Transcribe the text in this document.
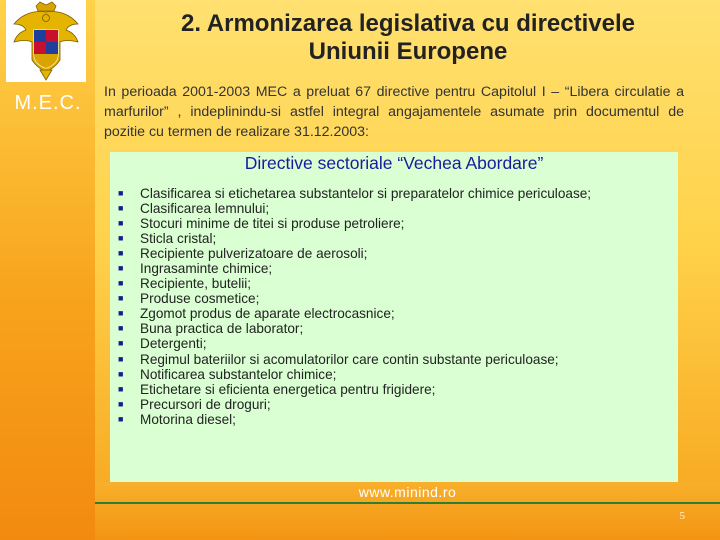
M.E.C.
2. Armonizarea legislativa cu directivele
Uniunii Europene
In perioada 2001-2003 MEC a preluat 67 directive pentru Capitolul I – “Libera circulatie a marfurilor” , indeplinindu-si astfel integral angajamentele asumate prin documentul de pozitie cu termen de realizare 31.12.2003:
Directive sectoriale “Vechea Abordare”
■ Clasificarea si etichetarea substantelor si preparatelor chimice periculoase;
■ Clasificarea lemnului;
■ Stocuri minime de titei si produse petroliere;
■ Sticla cristal;
■ Recipiente pulverizatoare de aerosoli;
■ Ingrasaminte chimice;
■ Recipiente, butelii;
■ Produse cosmetice;
■ Zgomot produs de aparate electrocasnice;
■ Buna practica de laborator;
■ Detergenti;
■ Regimul bateriilor si acomulatorilor care contin substante periculoase;
■ Notificarea substantelor chimice;
■ Etichetare si eficienta energetica pentru frigidere;
■ Precursori de droguri;
■ Motorina diesel;
www.minind.ro
5
